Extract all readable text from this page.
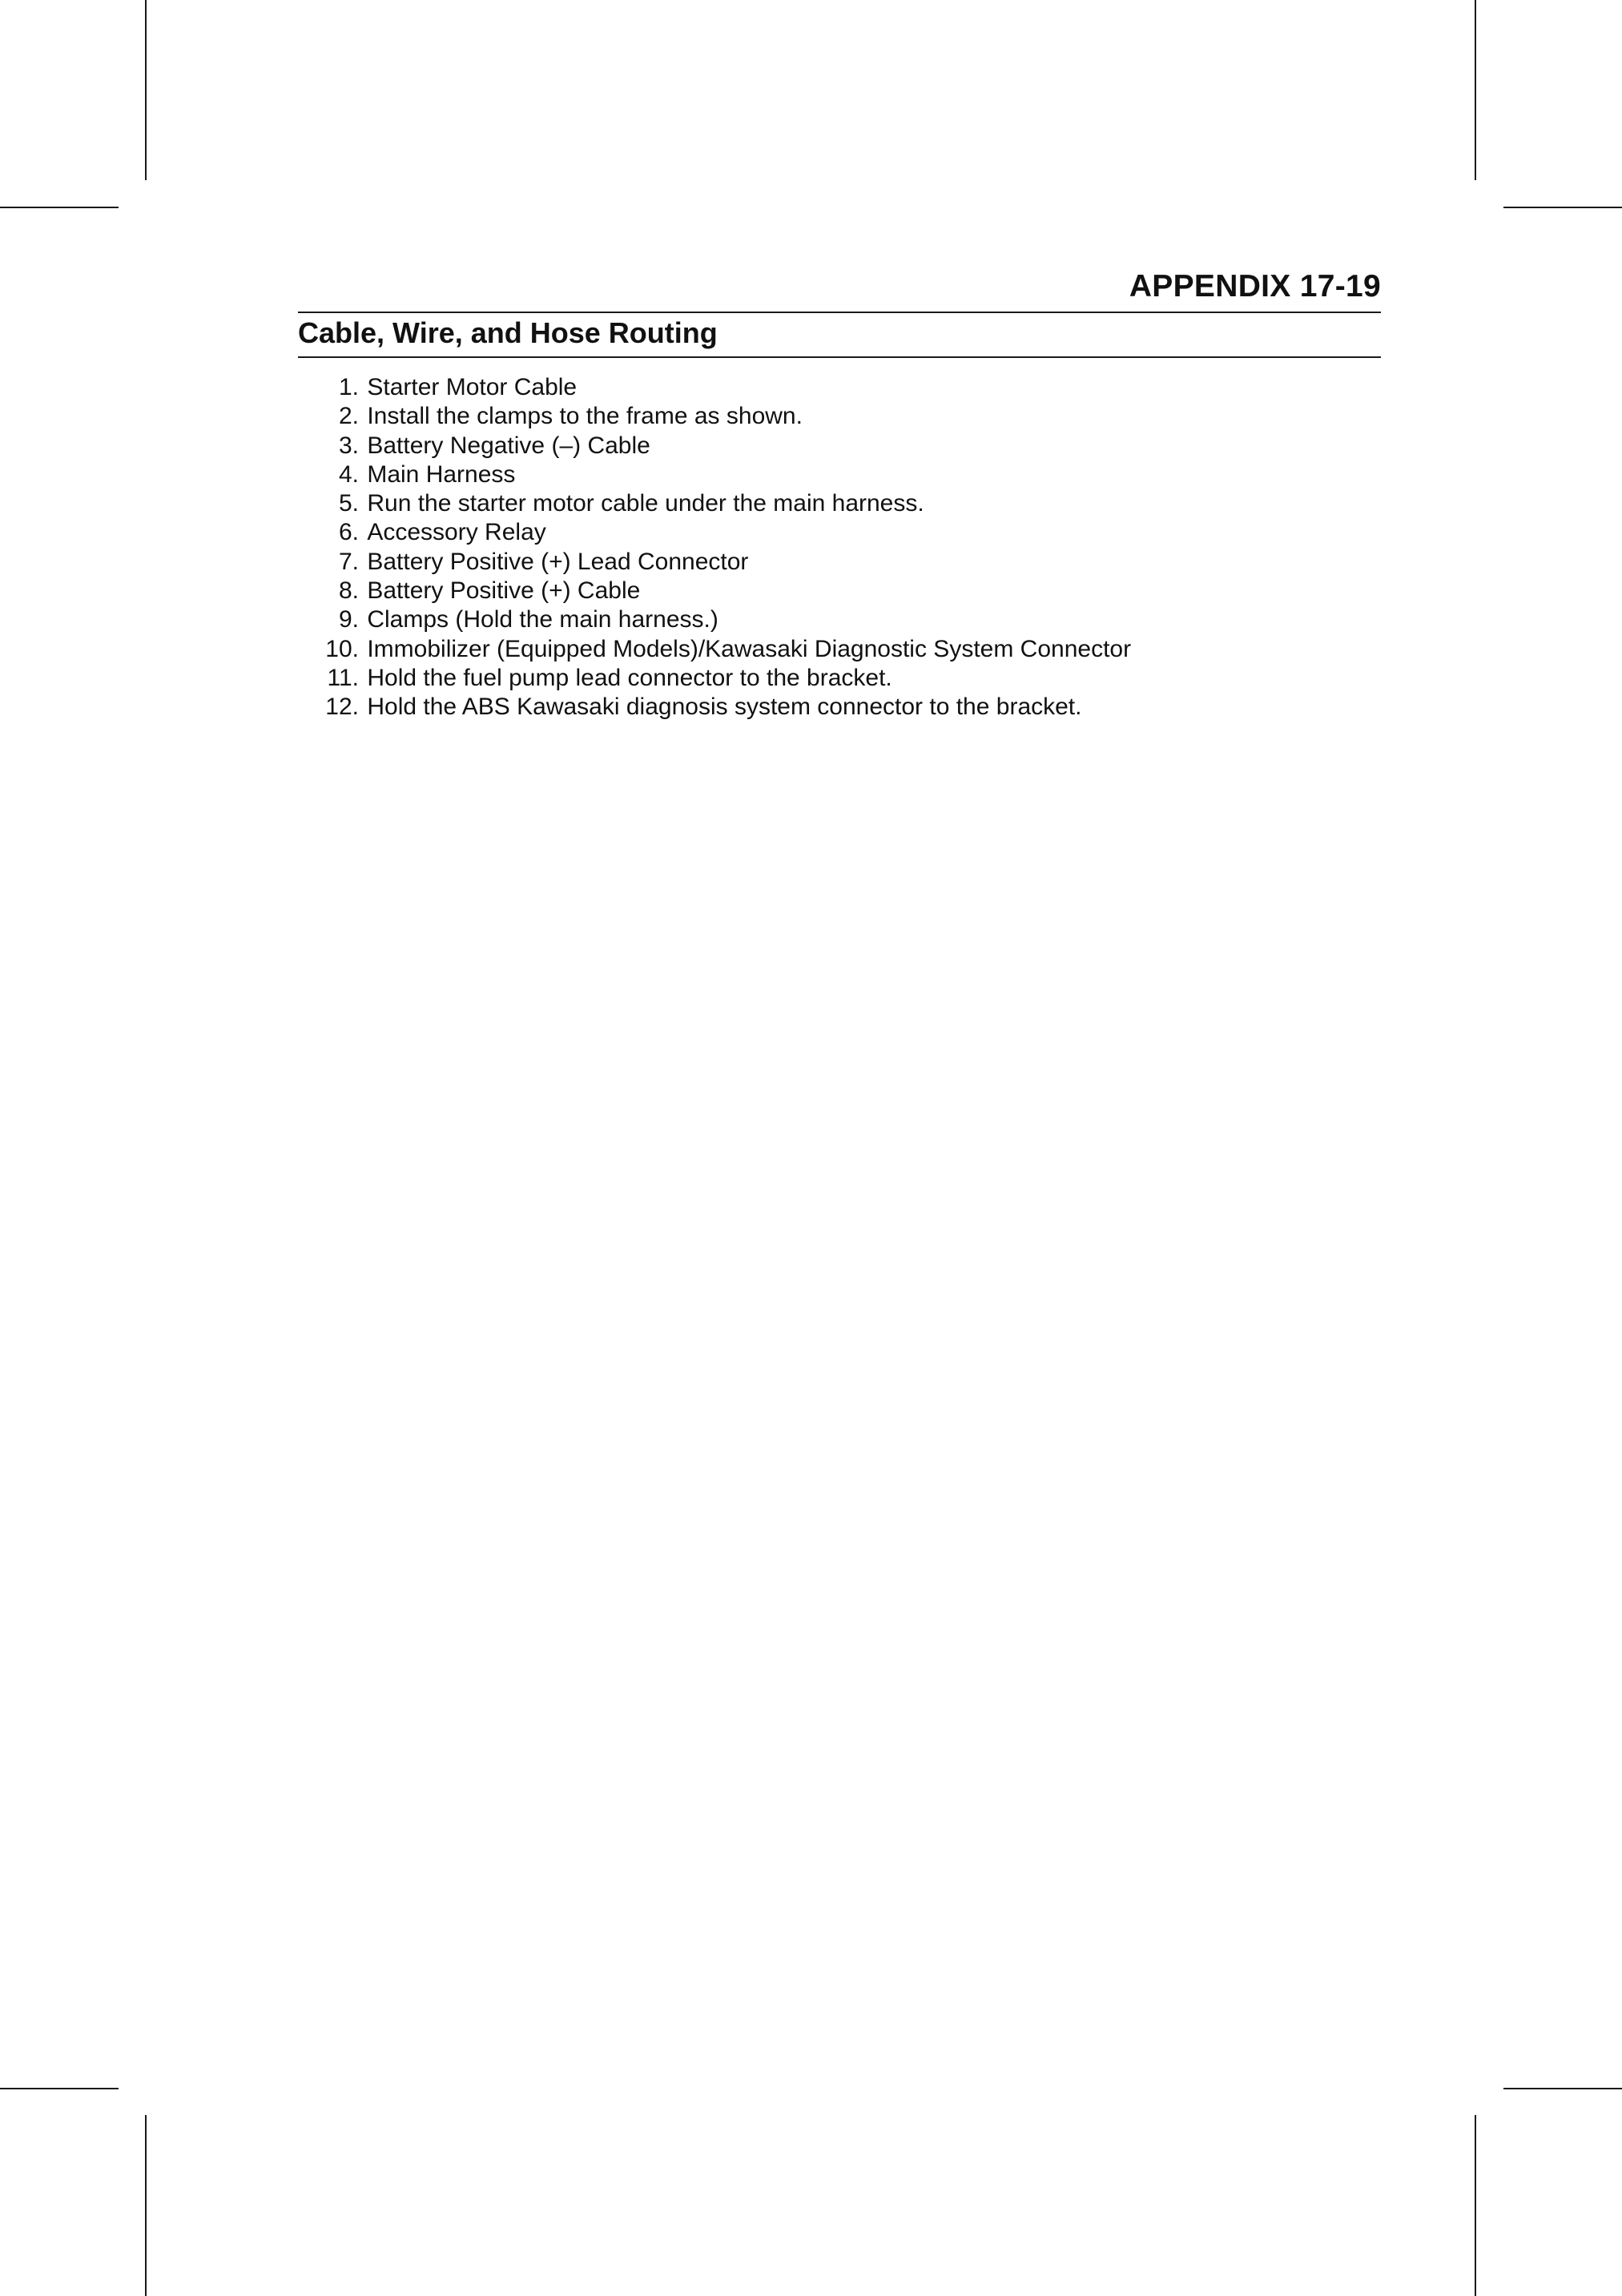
APPENDIX 17-19
Cable, Wire, and Hose Routing
1. Starter Motor Cable
2. Install the clamps to the frame as shown.
3. Battery Negative (–) Cable
4. Main Harness
5. Run the starter motor cable under the main harness.
6. Accessory Relay
7. Battery Positive (+) Lead Connector
8. Battery Positive (+) Cable
9. Clamps (Hold the main harness.)
10. Immobilizer (Equipped Models)/Kawasaki Diagnostic System Connector
11. Hold the fuel pump lead connector to the bracket.
12. Hold the ABS Kawasaki diagnosis system connector to the bracket.
